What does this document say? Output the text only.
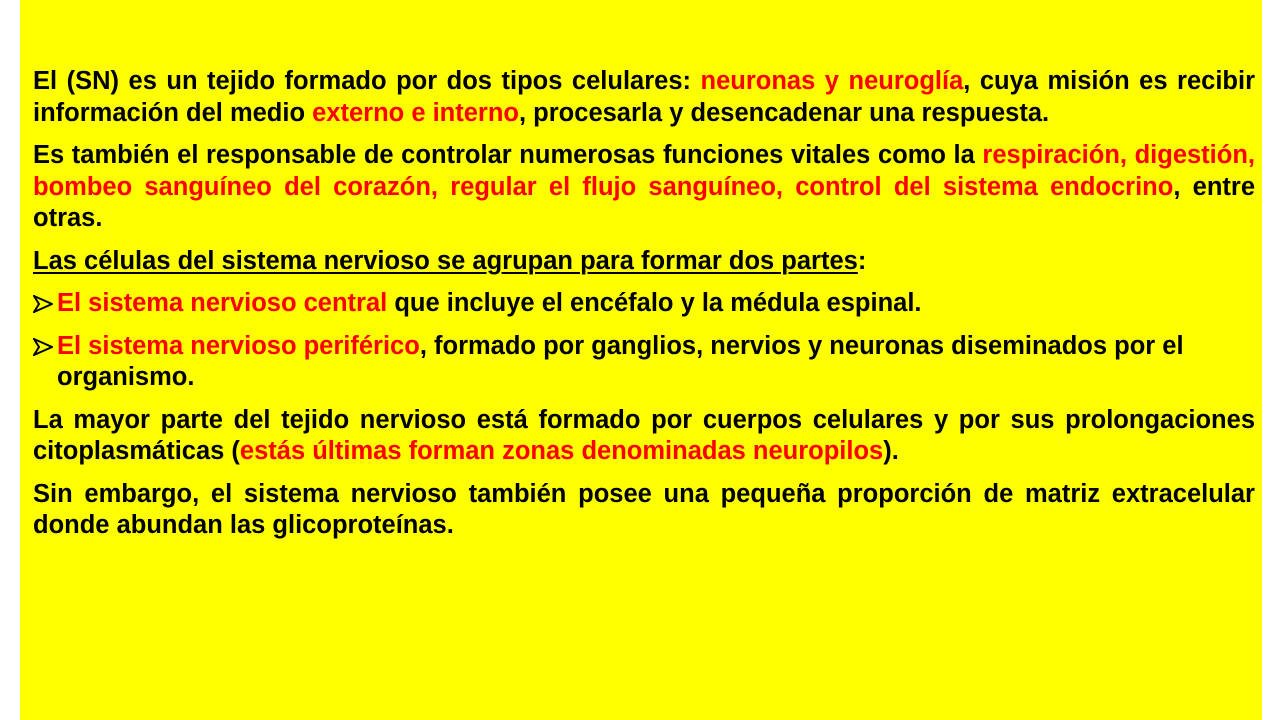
El (SN) es un tejido formado por dos tipos celulares: neuronas y neuroglía, cuya misión es recibir información del medio externo e interno, procesarla y desencadenar una respuesta.

Es también el responsable de controlar numerosas funciones vitales como la respiración, digestión, bombeo sanguíneo del corazón, regular el flujo sanguíneo, control del sistema endocrino, entre otras.

Las células del sistema nervioso se agrupan para formar dos partes:

El sistema nervioso central que incluye el encéfalo y la médula espinal.

El sistema nervioso periférico, formado por ganglios, nervios y neuronas diseminados por el organismo.

La mayor parte del tejido nervioso está formado por cuerpos celulares y por sus prolongaciones citoplasmáticas (estás últimas forman zonas denominadas neuropilos).

Sin embargo, el sistema nervioso también posee una pequeña proporción de matriz extracelular donde abundan las glicoproteínas.
